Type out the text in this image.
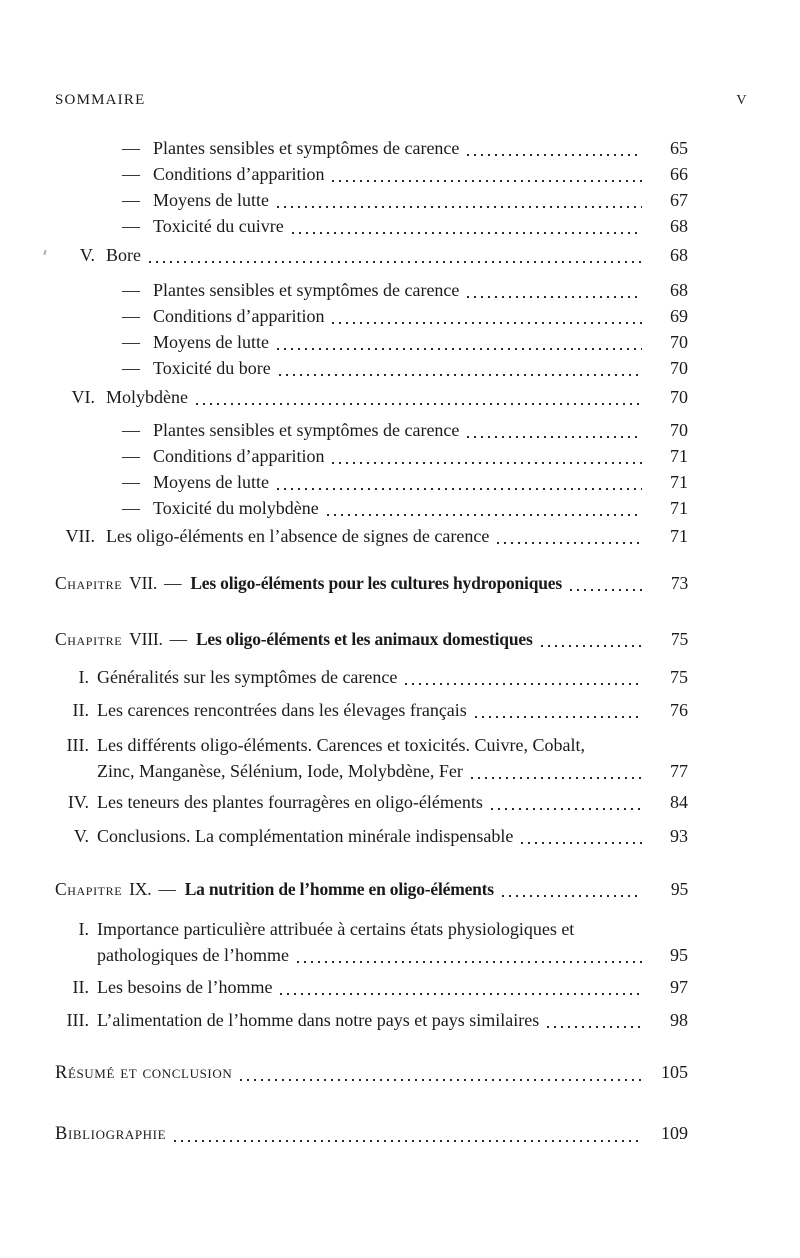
SOMMAIRE	V
— Plantes sensibles et symptômes de carence	65
— Conditions d’apparition	66
— Moyens de lutte	67
— Toxicité du cuivre	68
V. Bore	68
— Plantes sensibles et symptômes de carence	68
— Conditions d’apparition	69
— Moyens de lutte	70
— Toxicité du bore	70
VI. Molybdène	70
— Plantes sensibles et symptômes de carence	70
— Conditions d’apparition	71
— Moyens de lutte	71
— Toxicité du molybdène	71
VII. Les oligo-éléments en l’absence de signes de carence	71
Chapitre VII. — Les oligo-éléments pour les cultures hydroponiques	73
Chapitre VIII. — Les oligo-éléments et les animaux domestiques	75
I. Généralités sur les symptômes de carence	75
II. Les carences rencontrées dans les élevages français	76
III. Les différents oligo-éléments. Carences et toxicités. Cuivre, Cobalt,
Zinc, Manganèse, Sélénium, Iode, Molybdène, Fer	77
IV. Les teneurs des plantes fourragères en oligo-éléments	84
V. Conclusions. La complémentation minérale indispensable	93
Chapitre IX. — La nutrition de l’homme en oligo-éléments	95
I. Importance particulière attribuée à certains états physiologiques et
pathologiques de l’homme	95
II. Les besoins de l’homme	97
III. L’alimentation de l’homme dans notre pays et pays similaires	98
Résumé et conclusion	105
Bibliographie	109
